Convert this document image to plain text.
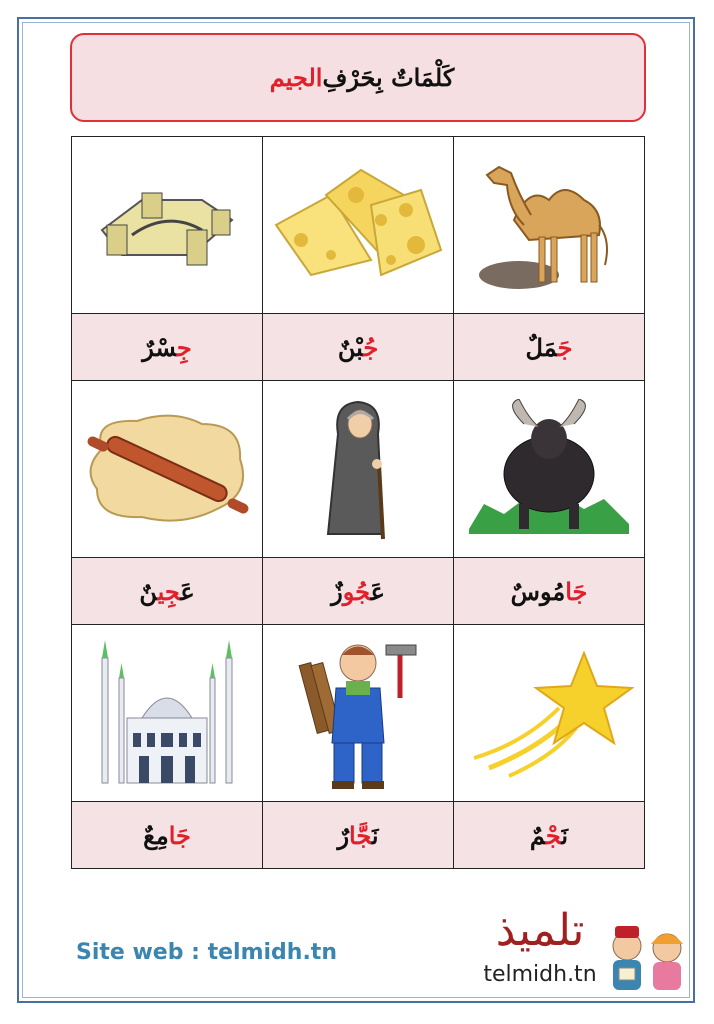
كَلْمَاتٌ بِحَرْفِ
الجيم

جِسْرٌ	جُبْنٌ	جَمَلٌ

عَجِينٌ	عَجُوزٌ	جَامُوسٌ

جَامِعٌ	نَجَّارٌ	نَجْمٌ
Site web : telmidh.tn	تلميذ
telmidh.tn
